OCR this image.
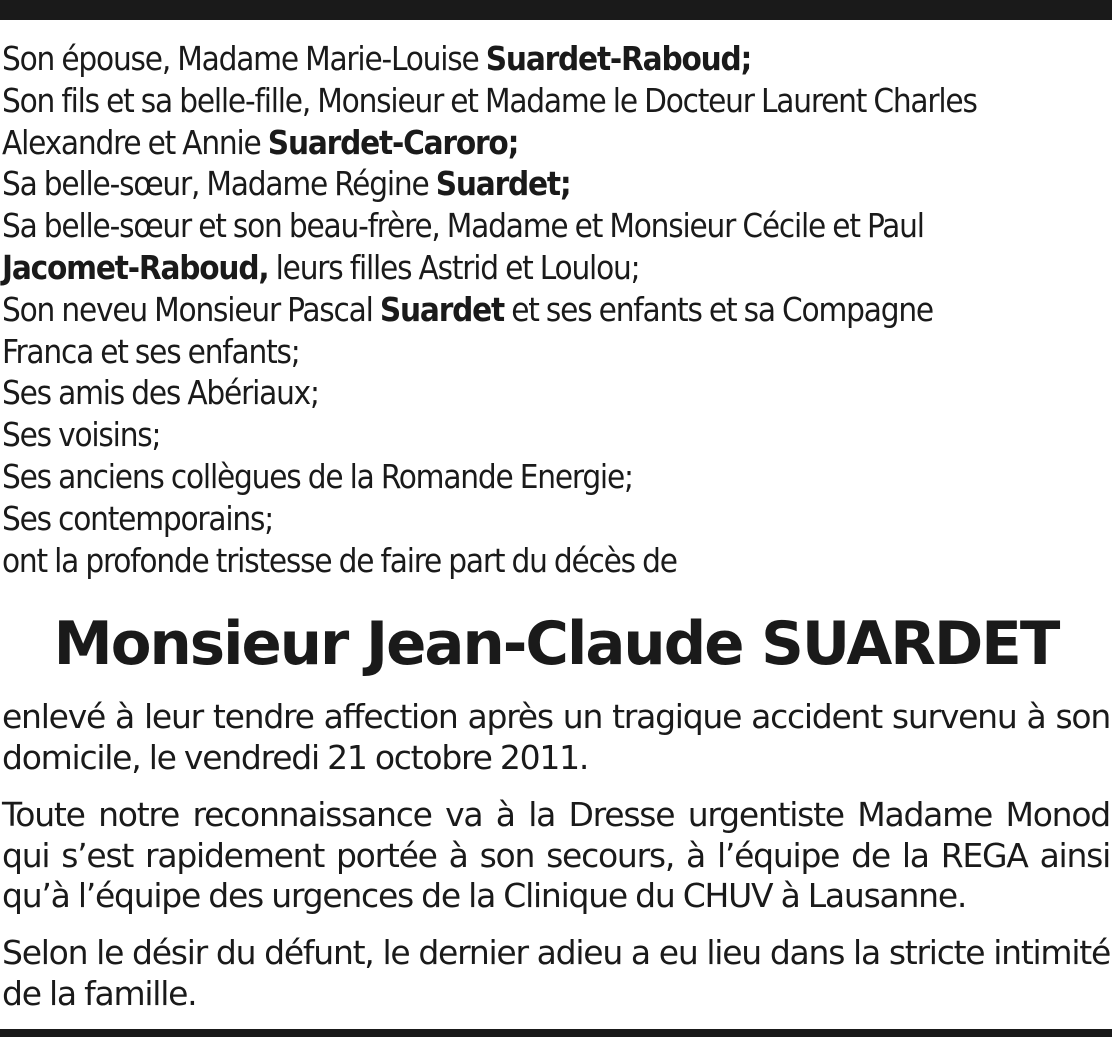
Son épouse, Madame Marie-Louise Suardet-Raboud;
Son fils et sa belle-fille, Monsieur et Madame le Docteur Laurent Charles
Alexandre et Annie Suardet-Caroro;
Sa belle-sœur, Madame Régine Suardet;
Sa belle-sœur et son beau-frère, Madame et Monsieur Cécile et Paul
Jacomet-Raboud, leurs filles Astrid et Loulou;
Son neveu Monsieur Pascal Suardet et ses enfants et sa Compagne
Franca et ses enfants;
Ses amis des Abériaux;
Ses voisins;
Ses anciens collègues de la Romande Energie;
Ses contemporains;
ont la profonde tristesse de faire part du décès de
Monsieur Jean-Claude SUARDET
enlevé à leur tendre affection après un tragique accident survenu à son domicile, le vendredi 21 octobre 2011.
Toute notre reconnaissance va à la Dresse urgentiste Madame Monod qui s’est rapidement portée à son secours, à l’équipe de la REGA ainsi qu’à l’équipe des urgences de la Clinique du CHUV à Lausanne.
Selon le désir du défunt, le dernier adieu a eu lieu dans la stricte intimité de la famille.
